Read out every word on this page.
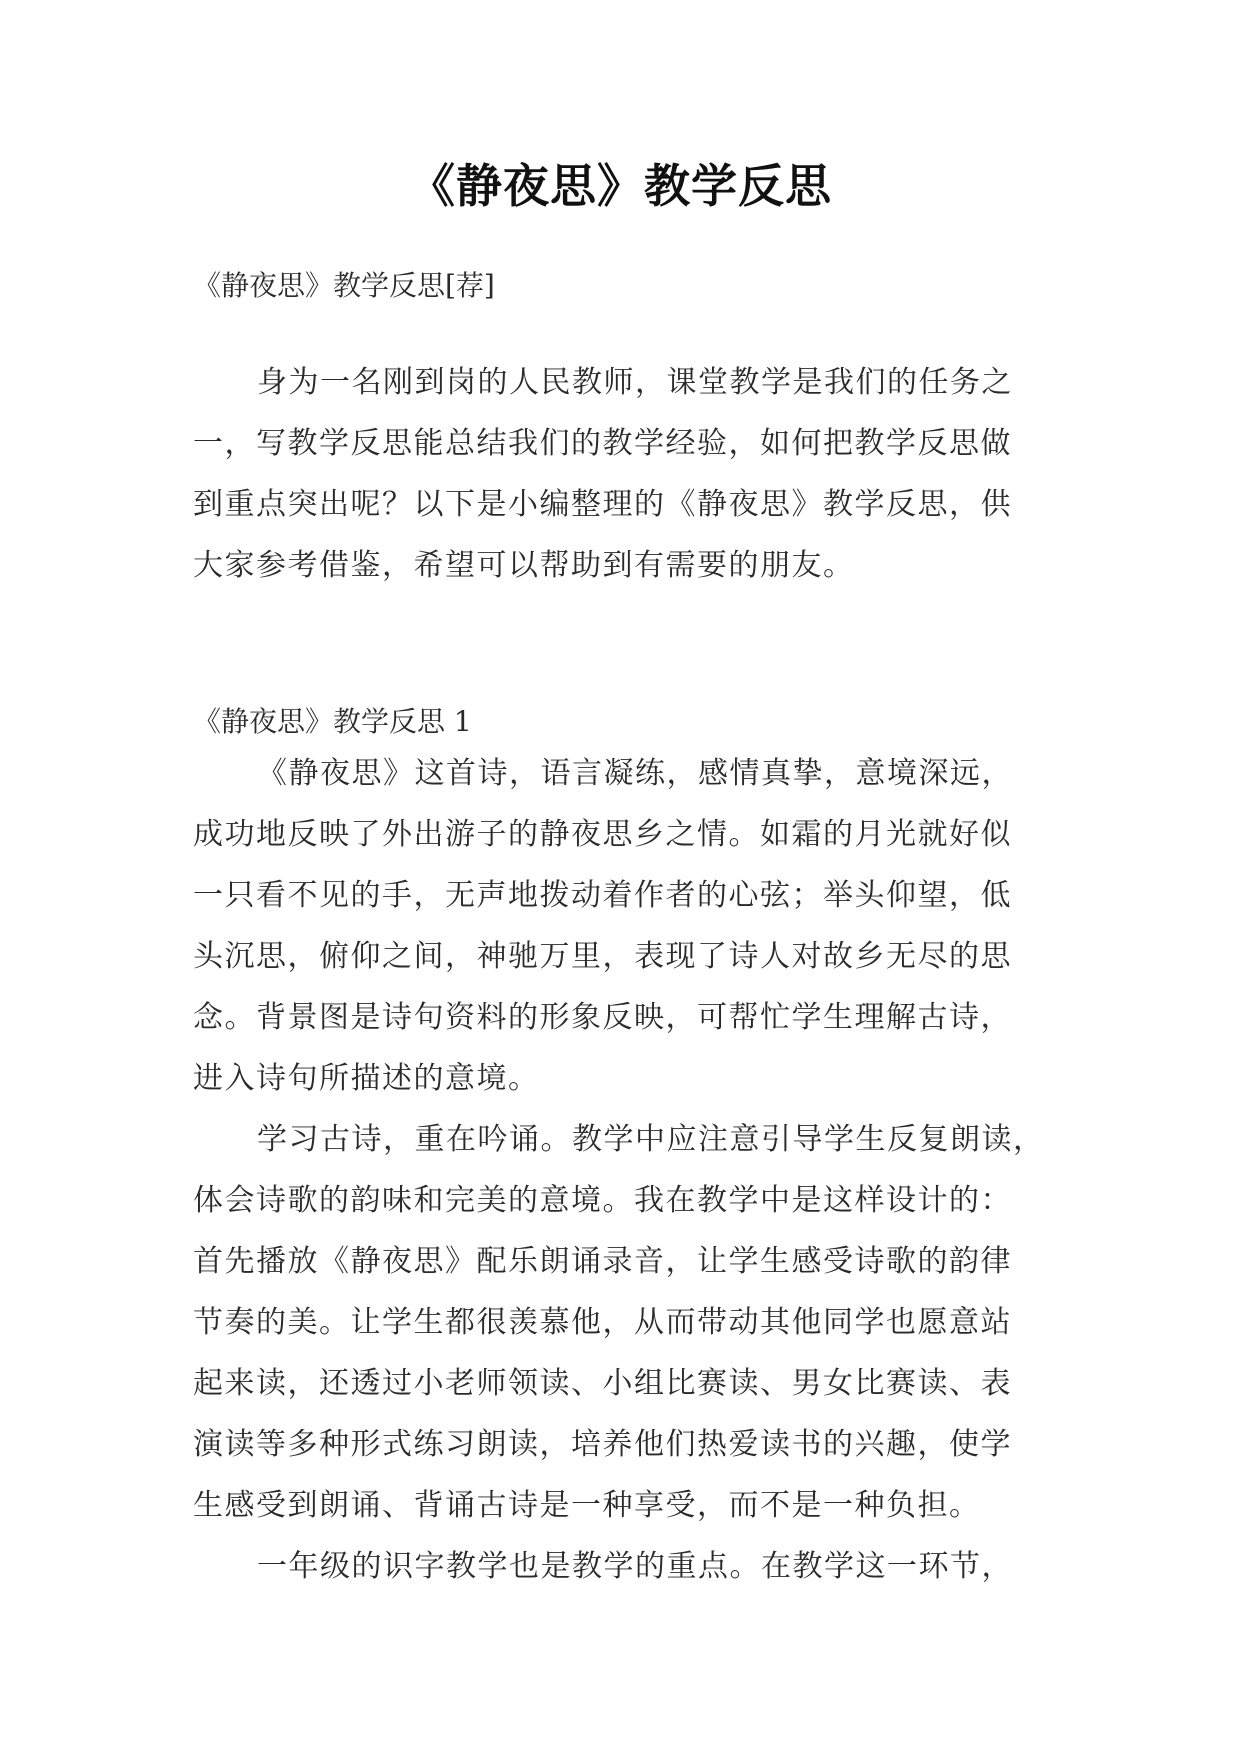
《静夜思》教学反思

《静夜思》教学反思[荐]

身为一名刚到岗的人民教师，课堂教学是我们的任务之
一，写教学反思能总结我们的教学经验，如何把教学反思做
到重点突出呢？以下是小编整理的《静夜思》教学反思，供
大家参考借鉴，希望可以帮助到有需要的朋友。

《静夜思》教学反思 1

《静夜思》这首诗，语言凝练，感情真挚，意境深远，
成功地反映了外出游子的静夜思乡之情。如霜的月光就好似
一只看不见的手，无声地拨动着作者的心弦；举头仰望，低
头沉思，俯仰之间，神驰万里，表现了诗人对故乡无尽的思
念。背景图是诗句资料的形象反映，可帮忙学生理解古诗，
进入诗句所描述的意境。
学习古诗，重在吟诵。教学中应注意引导学生反复朗读，
体会诗歌的韵味和完美的意境。我在教学中是这样设计的：
首先播放《静夜思》配乐朗诵录音，让学生感受诗歌的韵律
节奏的美。让学生都很羡慕他，从而带动其他同学也愿意站
起来读，还透过小老师领读、小组比赛读、男女比赛读、表
演读等多种形式练习朗读，培养他们热爱读书的兴趣，使学
生感受到朗诵、背诵古诗是一种享受，而不是一种负担。
一年级的识字教学也是教学的重点。在教学这一环节，
